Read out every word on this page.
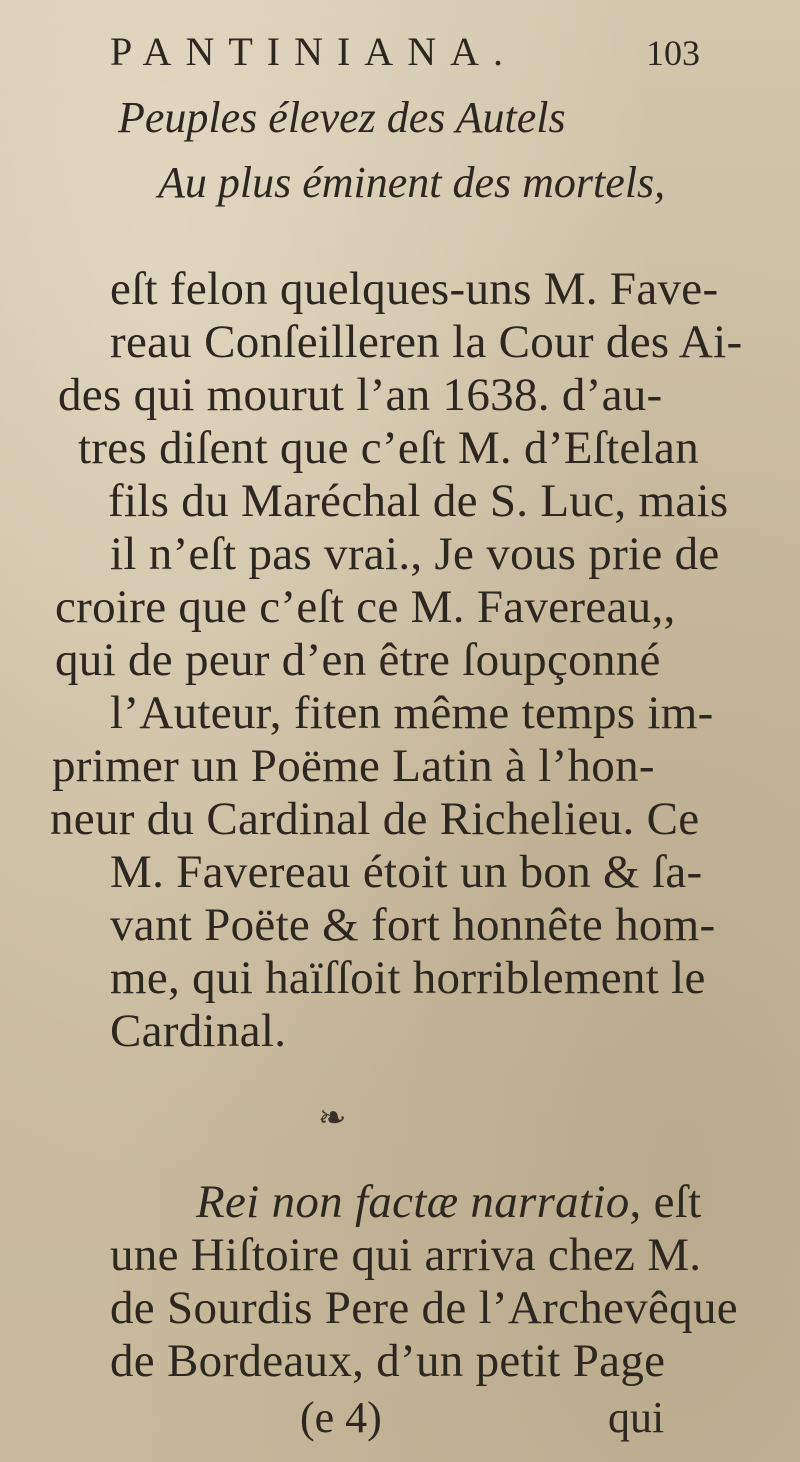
PANTINIANA.	103
Peuples élevez des Autels
Au plus éminent des mortels,
eſt felon quelques-uns M. Fave-
reau Conſeilleren la Cour des Ai-
des qui mourut l’an 1638. d’au-
tres diſent que c’eſt M. d’Eſtelan
fils du Maréchal de S. Luc, mais
il n’eſt pas vrai., Je vous prie de
croire que c’eſt ce M. Favereau,,
qui de peur d’en être ſoupçonné
l’Auteur, fiten même temps im-
primer un Poëme Latin à l’hon-
neur du Cardinal de Richelieu. Ce
M. Favereau étoit un bon & ſa-
vant Poëte & fort honnête hom-
me, qui haïſſoit horriblement le
Cardinal.
❧
Rei non factæ narratio, eſt
une Hiſtoire qui arriva chez M.
de Sourdis Pere de l’Archevêque
de Bordeaux, d’un petit Page
(e 4)	qui
